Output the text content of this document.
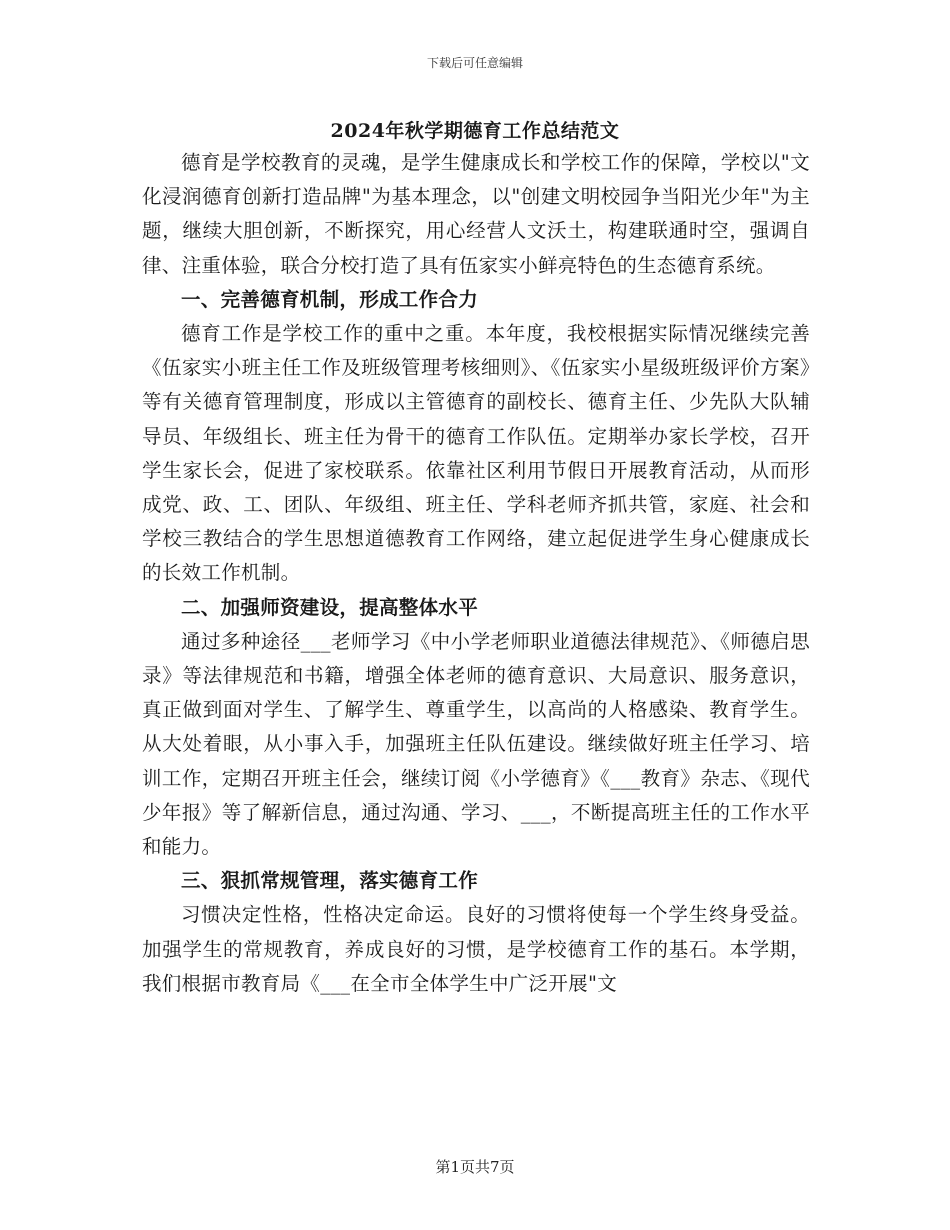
下载后可任意编辑
2024年秋学期德育工作总结范文

德育是学校教育的灵魂，是学生健康成长和学校工作的保障，学校以"文化浸润德育创新打造品牌"为基本理念，以"创建文明校园争当阳光少年"为主题，继续大胆创新，不断探究，用心经营人文沃土，构建联通时空，强调自律、注重体验，联合分校打造了具有伍家实小鲜亮特色的生态德育系统。

一、完善德育机制，形成工作合力

德育工作是学校工作的重中之重。本年度，我校根据实际情况继续完善《伍家实小班主任工作及班级管理考核细则》、《伍家实小星级班级评价方案》等有关德育管理制度，形成以主管德育的副校长、德育主任、少先队大队辅导员、年级组长、班主任为骨干的德育工作队伍。定期举办家长学校，召开学生家长会，促进了家校联系。依靠社区利用节假日开展教育活动，从而形成党、政、工、团队、年级组、班主任、学科老师齐抓共管，家庭、社会和学校三教结合的学生思想道德教育工作网络，建立起促进学生身心健康成长的长效工作机制。

二、加强师资建设，提高整体水平

通过多种途径___老师学习《中小学老师职业道德法律规范》、《师德启思录》等法律规范和书籍，增强全体老师的德育意识、大局意识、服务意识，真正做到面对学生、了解学生、尊重学生，以高尚的人格感染、教育学生。从大处着眼，从小事入手，加强班主任队伍建设。继续做好班主任学习、培训工作，定期召开班主任会，继续订阅《小学德育》《___教育》杂志、《现代少年报》等了解新信息，通过沟通、学习、___，不断提高班主任的工作水平和能力。

三、狠抓常规管理，落实德育工作

习惯决定性格，性格决定命运。良好的习惯将使每一个学生终身受益。加强学生的常规教育，养成良好的习惯，是学校德育工作的基石。本学期，我们根据市教育局《___在全市全体学生中广泛开展"文

第1页共7页
